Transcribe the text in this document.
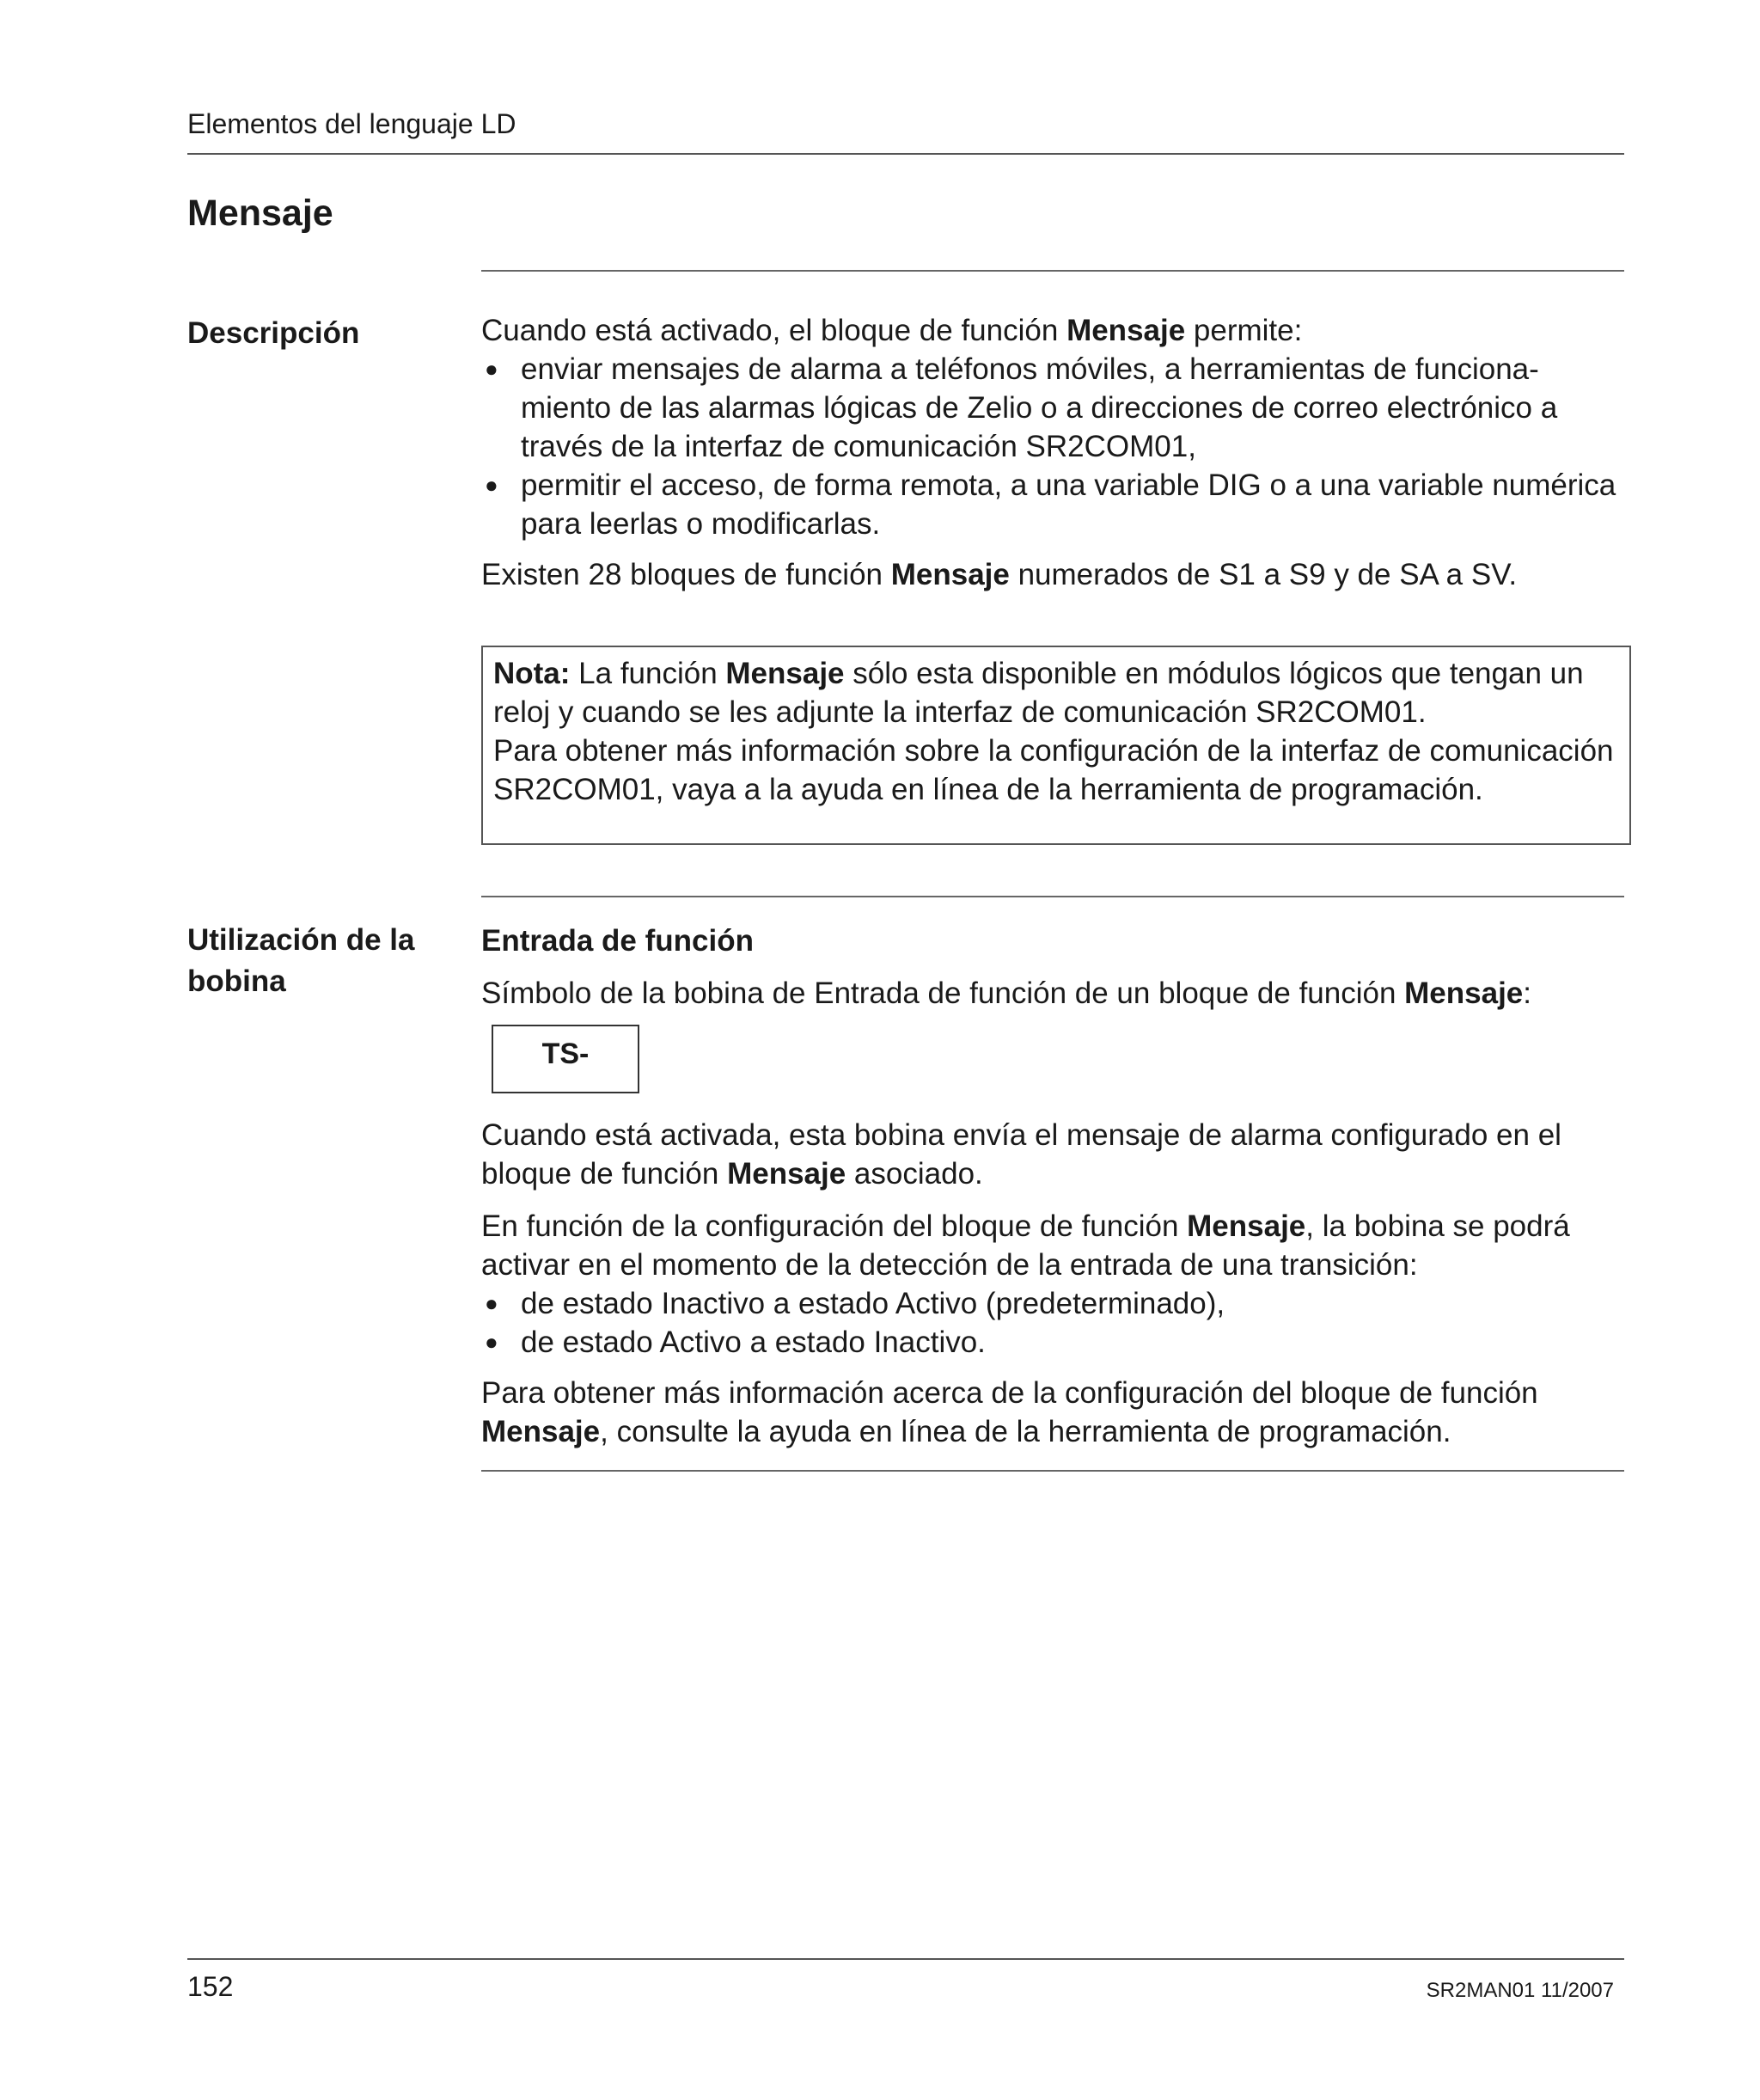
Elementos del lenguaje LD
Mensaje
Descripción	Cuando está activado, el bloque de función Mensaje permite:

● enviar mensajes de alarma a teléfonos móviles, a herramientas de funciona-miento de las alarmas lógicas de Zelio o a direcciones de correo electrónico a través de la interfaz de comunicación SR2COM01,
● permitir el acceso, de forma remota, a una variable DIG o a una variable numérica para leerlas o modificarlas.

Existen 28 bloques de función Mensaje numerados de S1 a S9 y de SA a SV.

Nota: La función Mensaje sólo esta disponible en módulos lógicos que tengan un reloj y cuando se les adjunte la interfaz de comunicación SR2COM01.

Para obtener más información sobre la configuración de la interfaz de comunicación SR2COM01, vaya a la ayuda en línea de la herramienta de programación.

Utilización de la bobina

Entrada de función

Símbolo de la bobina de Entrada de función de un bloque de función Mensaje:

TS-

Cuando está activada, esta bobina envía el mensaje de alarma configurado en el bloque de función Mensaje asociado.

En función de la configuración del bloque de función Mensaje, la bobina se podrá activar en el momento de la detección de la entrada de una transición:

● de estado Inactivo a estado Activo (predeterminado),
● de estado Activo a estado Inactivo.

Para obtener más información acerca de la configuración del bloque de función Mensaje, consulte la ayuda en línea de la herramienta de programación.

152	SR2MAN01 11/2007
